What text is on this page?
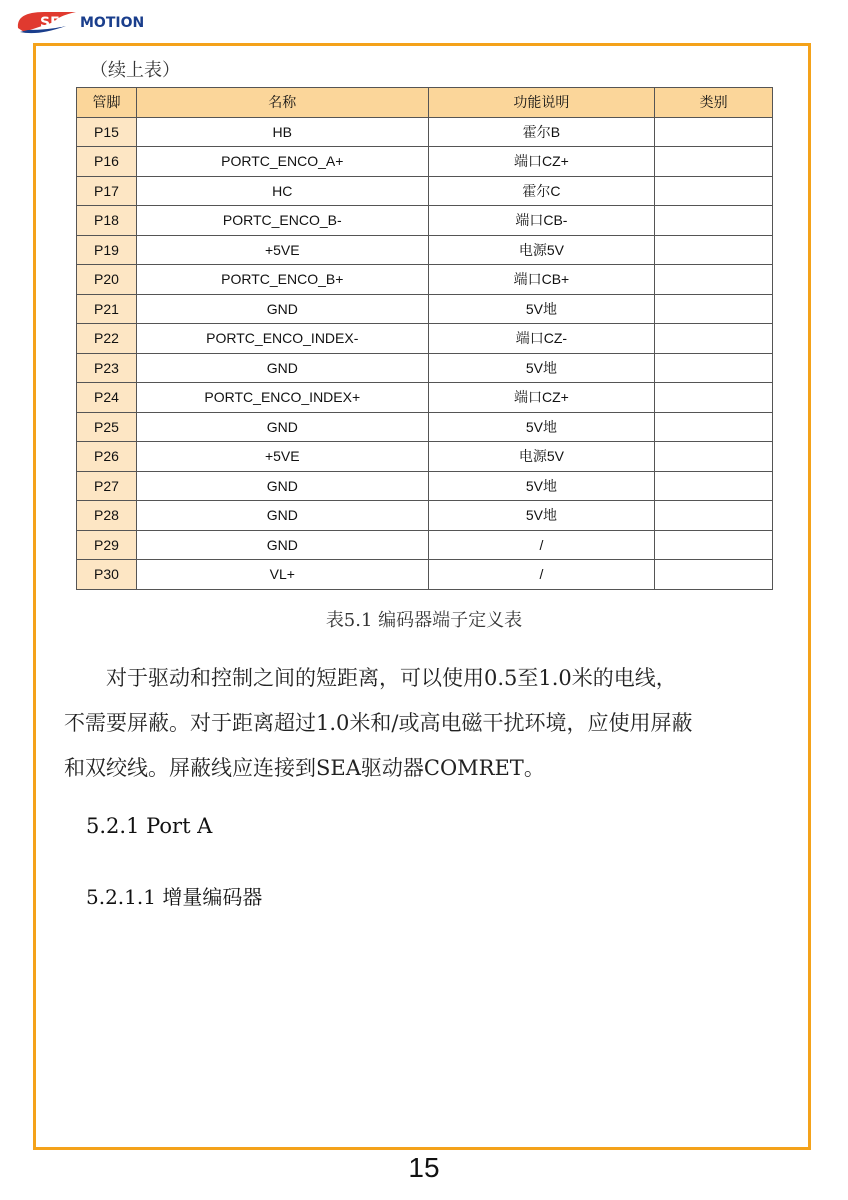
SEA MOTION
（续上表）
管脚	名称	功能说明	类别
P15	HB	霍尔B	
P16	PORTC_ENCO_A+	端口CZ+	
P17	HC	霍尔C	
P18	PORTC_ENCO_B-	端口CB-	
P19	+5VE	电源5V	
P20	PORTC_ENCO_B+	端口CB+	
P21	GND	5V地	
P22	PORTC_ENCO_INDEX-	端口CZ-	
P23	GND	5V地	
P24	PORTC_ENCO_INDEX+	端口CZ+	
P25	GND	5V地	
P26	+5VE	电源5V	
P27	GND	5V地	
P28	GND	5V地	
P29	GND	/	
P30	VL+	/	
表5.1 编码器端子定义表

对于驱动和控制之间的短距离，可以使用0.5至1.0米的电线，

不需要屏蔽。对于距离超过1.0米和/或高电磁干扰环境，应使用屏蔽
和双绞线。屏蔽线应连接到SEA驱动器COMRET。
5.2.1 Port A
5.2.1.1 增量编码器
15
